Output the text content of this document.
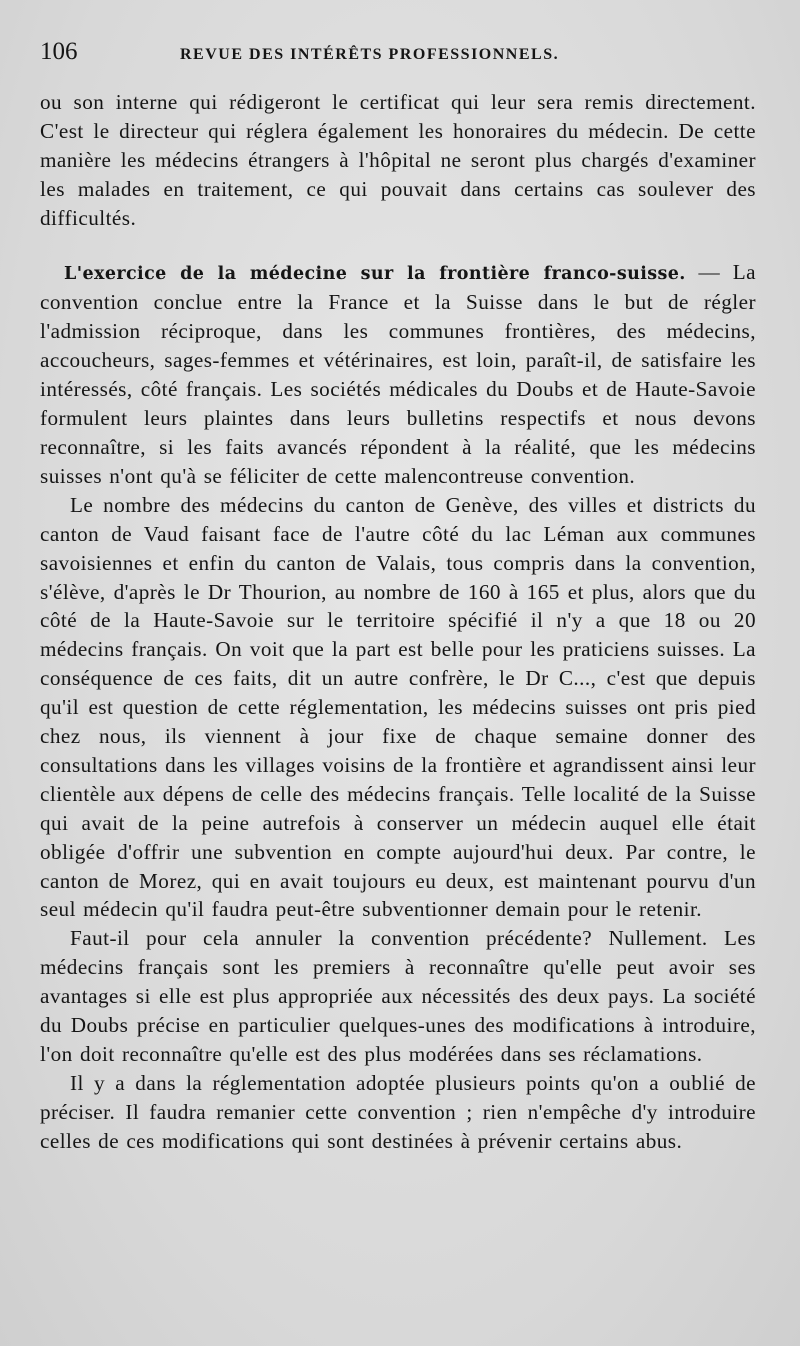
106	REVUE DES INTÉRÊTS PROFESSIONNELS.

ou son interne qui rédigeront le certificat qui leur sera remis directement. C'est le directeur qui réglera également les honoraires du médecin. De cette manière les médecins étrangers à l'hôpital ne seront plus chargés d'examiner les malades en traitement, ce qui pouvait dans certains cas soulever des difficultés.

L'exercice de la médecine sur la frontière franco-suisse. — La convention conclue entre la France et la Suisse dans le but de régler l'admission réciproque, dans les communes frontières, des médecins, accoucheurs, sages-femmes et vétérinaires, est loin, paraît-il, de satisfaire les intéressés, côté français. Les sociétés médicales du Doubs et de Haute-Savoie formulent leurs plaintes dans leurs bulletins respectifs et nous devons reconnaître, si les faits avancés répondent à la réalité, que les médecins suisses n'ont qu'à se féliciter de cette malencontreuse convention.

Le nombre des médecins du canton de Genève, des villes et districts du canton de Vaud faisant face de l'autre côté du lac Léman aux communes savoisiennes et enfin du canton de Valais, tous compris dans la convention, s'élève, d'après le Dr Thourion, au nombre de 160 à 165 et plus, alors que du côté de la Haute-Savoie sur le territoire spécifié il n'y a que 18 ou 20 médecins français. On voit que la part est belle pour les praticiens suisses. La conséquence de ces faits, dit un autre confrère, le Dr C..., c'est que depuis qu'il est question de cette réglementation, les médecins suisses ont pris pied chez nous, ils viennent à jour fixe de chaque semaine donner des consultations dans les villages voisins de la frontière et agrandissent ainsi leur clientèle aux dépens de celle des médecins français. Telle localité de la Suisse qui avait de la peine autrefois à conserver un médecin auquel elle était obligée d'offrir une subvention en compte aujourd'hui deux. Par contre, le canton de Morez, qui en avait toujours eu deux, est maintenant pourvu d'un seul médecin qu'il faudra peut-être subventionner demain pour le retenir.

Faut-il pour cela annuler la convention précédente? Nullement. Les médecins français sont les premiers à reconnaître qu'elle peut avoir ses avantages si elle est plus appropriée aux nécessités des deux pays. La société du Doubs précise en particulier quelques-unes des modifications à introduire, l'on doit reconnaître qu'elle est des plus modérées dans ses réclamations.

Il y a dans la réglementation adoptée plusieurs points qu'on a oublié de préciser. Il faudra remanier cette convention ; rien n'empêche d'y introduire celles de ces modifications qui sont destinées à prévenir certains abus.
